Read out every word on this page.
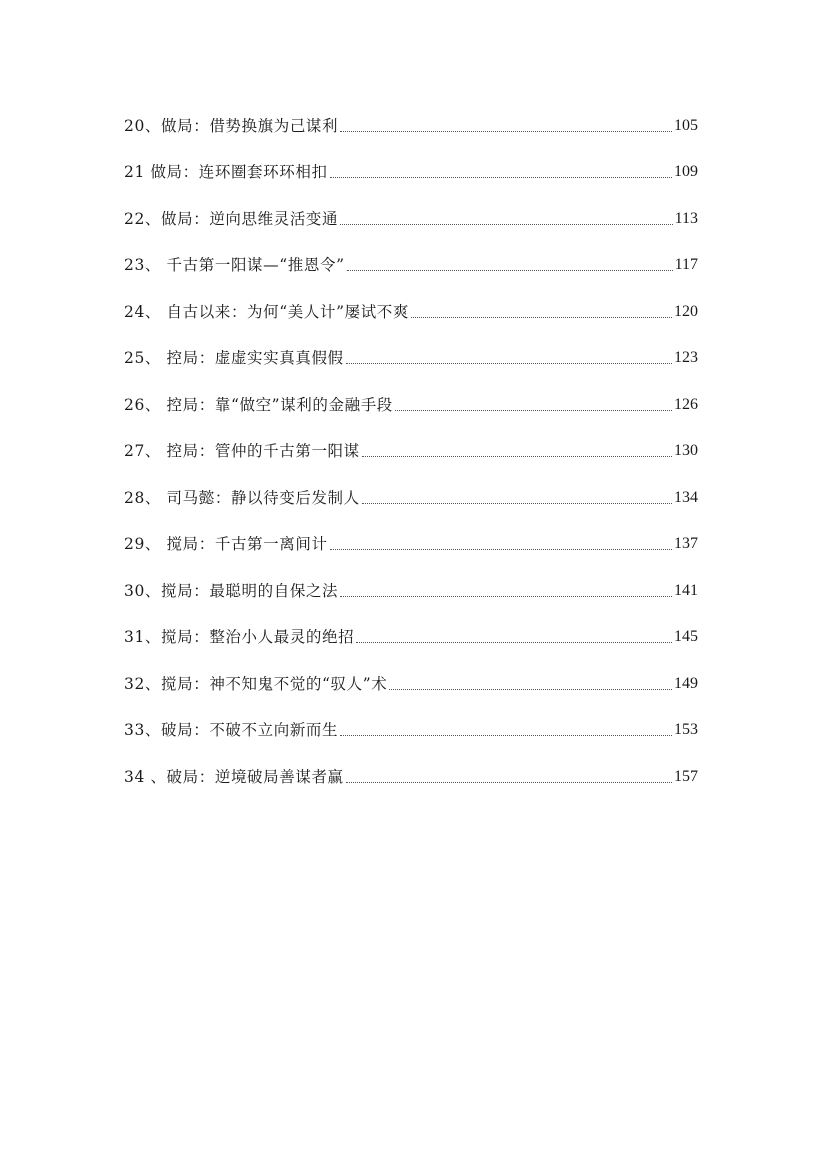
20、做局：借势换旗为己谋利	105
21 做局：连环圈套环环相扣	109
22、做局：逆向思维灵活变通	113
23、 千古第一阳谋—“推恩令”	117
24、 自古以来：为何“美人计”屡试不爽	120
25、 控局：虚虚实实真真假假	123
26、 控局：靠“做空”谋利的金融手段	126
27、 控局：管仲的千古第一阳谋	130
28、 司马懿：静以待变后发制人	134
29、 搅局：千古第一离间计	137
30、搅局：最聪明的自保之法	141
31、搅局：整治小人最灵的绝招	145
32、搅局：神不知鬼不觉的“驭人”术	149
33、破局：不破不立向新而生	153
34 、破局：逆境破局善谋者赢	157
